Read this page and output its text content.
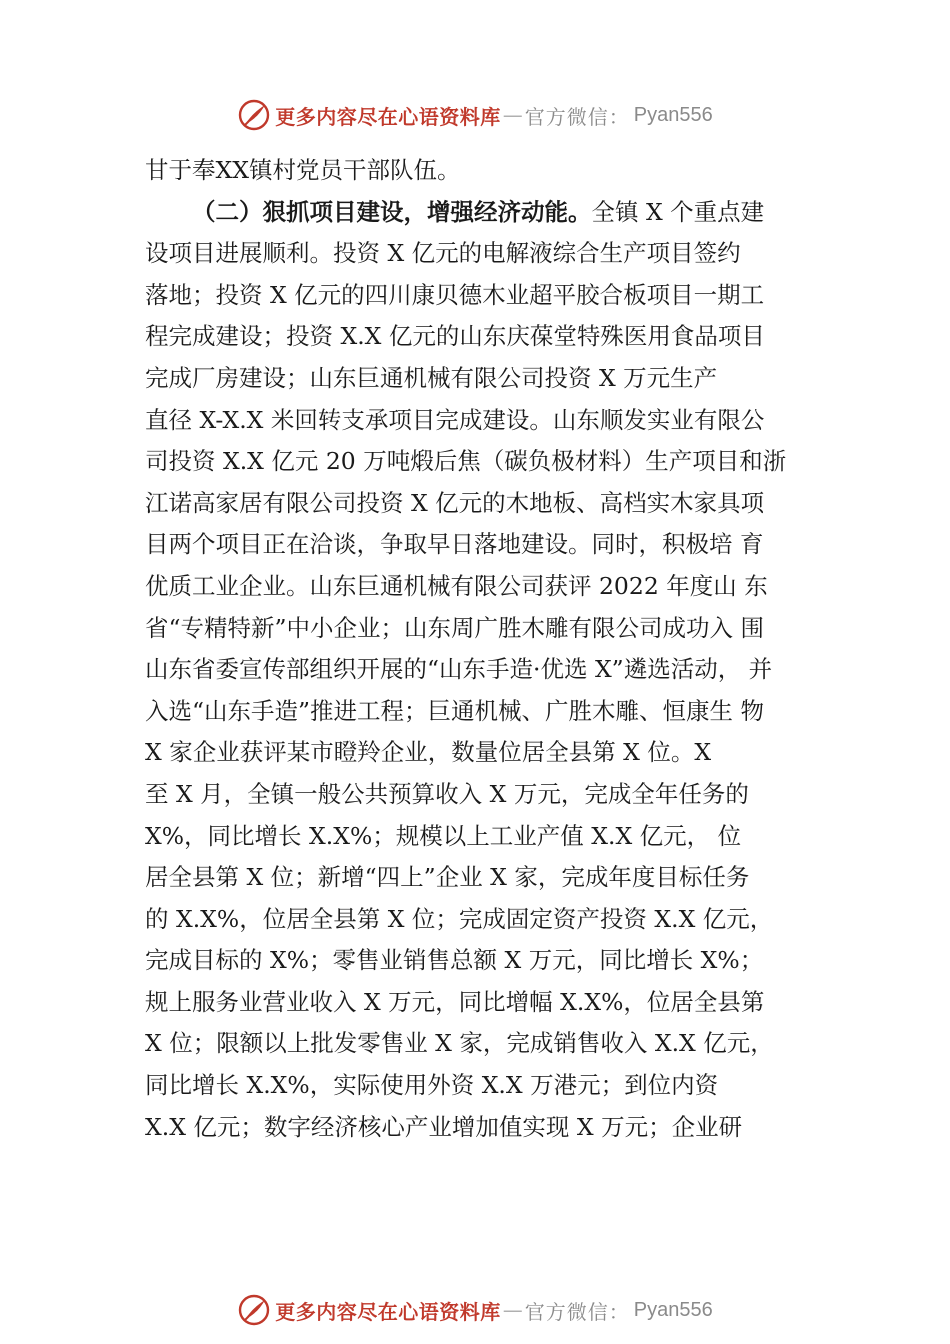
更多内容尽在心语资料库 — 官方微信： Pyan556
甘于奉XX镇村党员干部队伍。
（二）狠抓项目建设，增强经济动能。全镇 X 个重点建
设项目进展顺利。投资 X 亿元的电解液综合生产项目签约
落地；投资 X 亿元的四川康贝德木业超平胶合板项目一期工
程完成建设；投资 X.X 亿元的山东庆葆堂特殊医用食品项目
完成厂房建设；山东巨通机械有限公司投资 X 万元生产
直径 X-X.X 米回转支承项目完成建设。山东顺发实业有限公
司投资 X.X 亿元 20 万吨煅后焦（碳负极材料）生产项目和浙
江诺高家居有限公司投资 X 亿元的木地板、高档实木家具项
目两个项目正在洽谈，争取早日落地建设。同时，积极培 育
优质工业企业。山东巨通机械有限公司获评 2022 年度山 东
省“专精特新”中小企业；山东周广胜木雕有限公司成功入 围
山东省委宣传部组织开展的“山东手造·优选 X”遴选活动， 并
入选“山东手造”推进工程；巨通机械、广胜木雕、恒康生 物
X 家企业获评某市瞪羚企业，数量位居全县第 X 位。X
至 X 月，全镇一般公共预算收入 X 万元，完成全年任务的
X%，同比增长 X.X%；规模以上工业产值 X.X 亿元， 位
居全县第 X 位；新增“四上”企业 X 家，完成年度目标任务
的 X.X%，位居全县第 X 位；完成固定资产投资 X.X 亿元，
完成目标的 X%；零售业销售总额 X 万元，同比增长 X%；
规上服务业营业收入 X 万元，同比增幅 X.X%，位居全县第
X 位；限额以上批发零售业 X 家，完成销售收入 X.X 亿元，
同比增长 X.X%，实际使用外资 X.X 万港元；到位内资
X.X 亿元；数字经济核心产业增加值实现 X 万元；企业研
更多内容尽在心语资料库 — 官方微信： Pyan556
